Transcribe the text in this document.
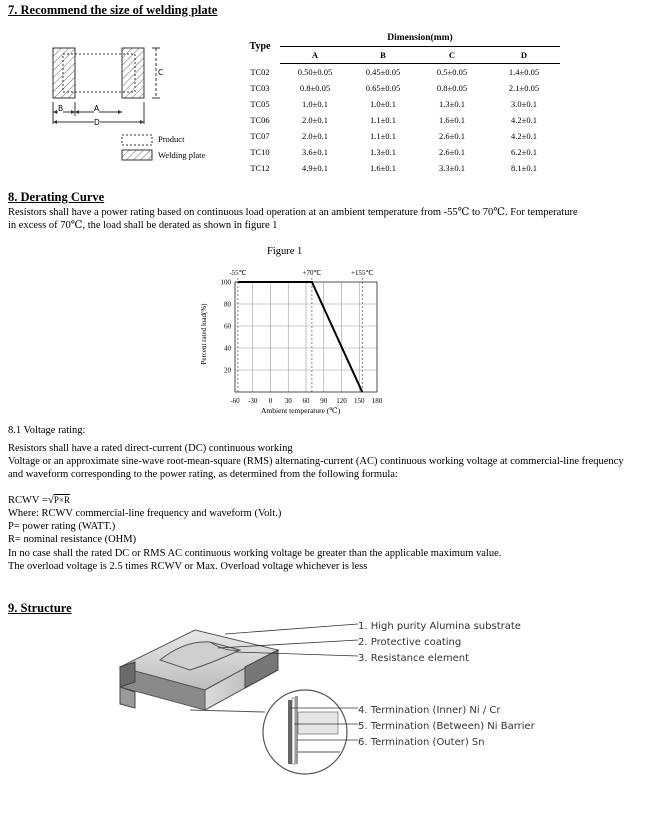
7. Recommend the size of welding plate
B	A
C
D
Product
Welding plate
Type	Dimension(mm)			
	A	B	C	D
TC02	0.50±0.05	0.45±0.05	0.5±0.05	1.4±0.05
TC03	0.8±0.05	0.65±0.05	0.8±0.05	2.1±0.05
TC05	1.0±0.1	1.0±0.1	1.3±0.1	3.0±0.1
TC06	2.0±0.1	1.1±0.1	1.6±0.1	4.2±0.1
TC07	2.0±0.1	1.1±0.1	2.6±0.1	4.2±0.1
TC10	3.6±0.1	1.3±0.1	2.6±0.1	6.2±0.1
TC12	4.9±0.1	1.6±0.1	3.3±0.1	8.1±0.1
8. Derating Curve
Resistors shall have a power rating based on continuous load operation at an ambient temperature from -55℃ to 70℃. For temperature
in excess of 70℃, the load shall be derated as shown in figure 1
Figure 1
-60 -30 0 30 60 90 120 150 180
20
40
60
80
100
-55℃	+70℃	+155℃
Percent rated load(%)
Ambient temperature (℃)
8.1 Voltage rating:
Resistors shall have a rated direct-current (DC) continuous working
Voltage or an approximate sine-wave root-mean-square (RMS) alternating-current (AC) continuous working voltage at commercial-line frequency
and waveform corresponding to the power rating, as determined from the following formula:
RCWV =√P×R
Where: RCWV commercial-line frequency and waveform (Volt.)
P= power rating (WATT.)
R= nominal resistance (OHM)
In no case shall the rated DC or RMS AC continuous working voltage be greater than the applicable maximum value.
The overload voltage is 2.5 times RCWV or Max. Overload voltage whichever is less
9. Structure
1. High purity Alumina substrate
2. Protective coating
3. Resistance element
4. Termination (Inner) Ni / Cr
5. Termination (Between) Ni Barrier
6. Termination (Outer) Sn
